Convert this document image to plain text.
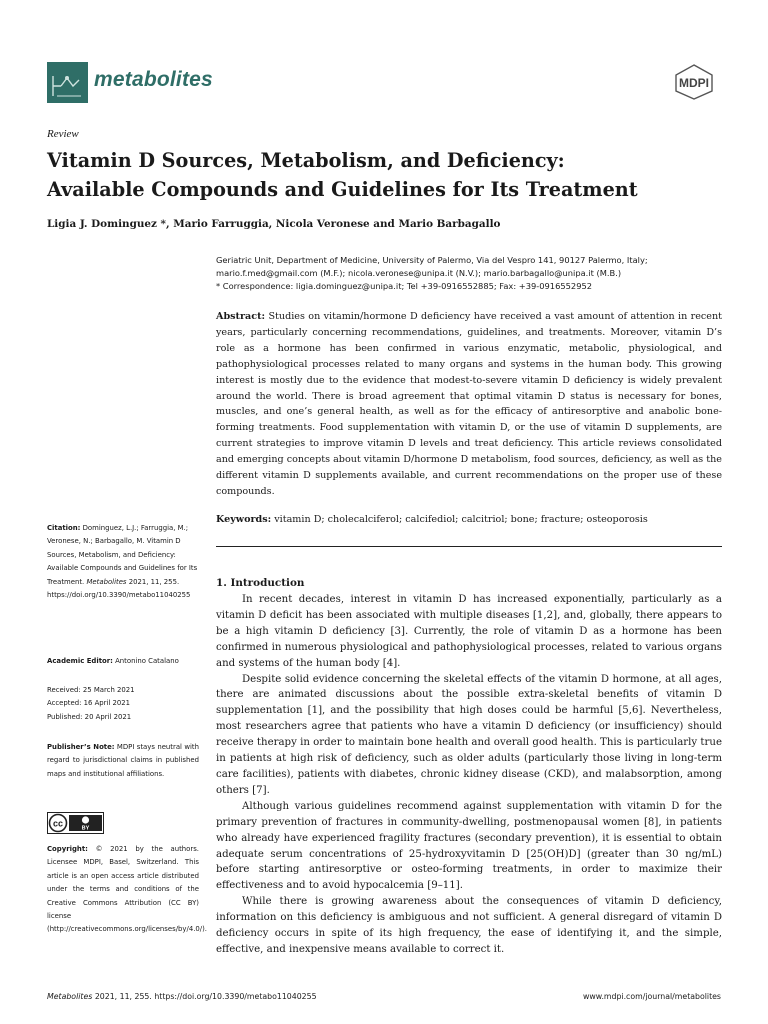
metabolites	MDPI
Review
Vitamin D Sources, Metabolism, and Deficiency:
Available Compounds and Guidelines for Its Treatment
Ligia J. Dominguez *, Mario Farruggia, Nicola Veronese and Mario Barbagallo
Geriatric Unit, Department of Medicine, University of Palermo, Via del Vespro 141, 90127 Palermo, Italy;
mario.f.med@gmail.com (M.F.); nicola.veronese@unipa.it (N.V.); mario.barbagallo@unipa.it (M.B.)
* Correspondence: ligia.dominguez@unipa.it; Tel +39-0916552885; Fax: +39-0916552952
Abstract: Studies on vitamin/hormone D deficiency have received a vast amount of attention in recent years, particularly concerning recommendations, guidelines, and treatments. Moreover, vitamin D’s role as a hormone has been confirmed in various enzymatic, metabolic, physiological, and pathophysiological processes related to many organs and systems in the human body. This growing interest is mostly due to the evidence that modest-to-severe vitamin D deficiency is widely prevalent around the world. There is broad agreement that optimal vitamin D status is necessary for bones, muscles, and one’s general health, as well as for the efficacy of antiresorptive and anabolic bone-forming treatments. Food supplementation with vitamin D, or the use of vitamin D supplements, are current strategies to improve vitamin D levels and treat deficiency. This article reviews consolidated and emerging concepts about vitamin D/hormone D metabolism, food sources, deficiency, as well as the different vitamin D supplements available, and current recommendations on the proper use of these compounds.
Keywords: vitamin D; cholecalciferol; calcifediol; calcitriol; bone; fracture; osteoporosis
Citation: Dominguez, L.J.; Farruggia, M.; Veronese, N.; Barbagallo, M. Vitamin D Sources, Metabolism, and Deficiency: Available Compounds and Guidelines for Its Treatment. Metabolites 2021, 11, 255. https://doi.org/10.3390/metabo11040255
Academic Editor: Antonino Catalano
Received: 25 March 2021
Accepted: 16 April 2021
Published: 20 April 2021
Publisher’s Note: MDPI stays neutral with regard to jurisdictional claims in published maps and institutional affiliations.
cc	BY
Copyright: © 2021 by the authors. Licensee MDPI, Basel, Switzerland. This article is an open access article distributed under the terms and conditions of the Creative Commons Attribution (CC BY) license (http://creativecommons.org/licenses/by/4.0/).
1. Introduction

In recent decades, interest in vitamin D has increased exponentially, particularly as a vitamin D deficit has been associated with multiple diseases [1,2], and, globally, there appears to be a high vitamin D deficiency [3]. Currently, the role of vitamin D as a hormone has been confirmed in numerous physiological and pathophysiological processes, related to various organs and systems of the human body [4].

Despite solid evidence concerning the skeletal effects of the vitamin D hormone, at all ages, there are animated discussions about the possible extra-skeletal benefits of vitamin D supplementation [1], and the possibility that high doses could be harmful [5,6]. Nevertheless, most researchers agree that patients who have a vitamin D deficiency (or insufficiency) should receive therapy in order to maintain bone health and overall good health. This is particularly true in patients at high risk of deficiency, such as older adults (particularly those living in long-term care facilities), patients with diabetes, chronic kidney disease (CKD), and malabsorption, among others [7].

Although various guidelines recommend against supplementation with vitamin D for the primary prevention of fractures in community-dwelling, postmenopausal women [8], in patients who already have experienced fragility fractures (secondary prevention), it is essential to obtain adequate serum concentrations of 25-hydroxyvitamin D [25(OH)D] (greater than 30 ng/mL) before starting antiresorptive or osteo-forming treatments, in order to maximize their effectiveness and to avoid hypocalcemia [9–11].

While there is growing awareness about the consequences of vitamin D deficiency, information on this deficiency is ambiguous and not sufficient. A general disregard of vitamin D deficiency occurs in spite of its high frequency, the ease of identifying it, and the simple, effective, and inexpensive means available to correct it.

Metabolites 2021, 11, 255. https://doi.org/10.3390/metabo11040255	www.mdpi.com/journal/metabolites
